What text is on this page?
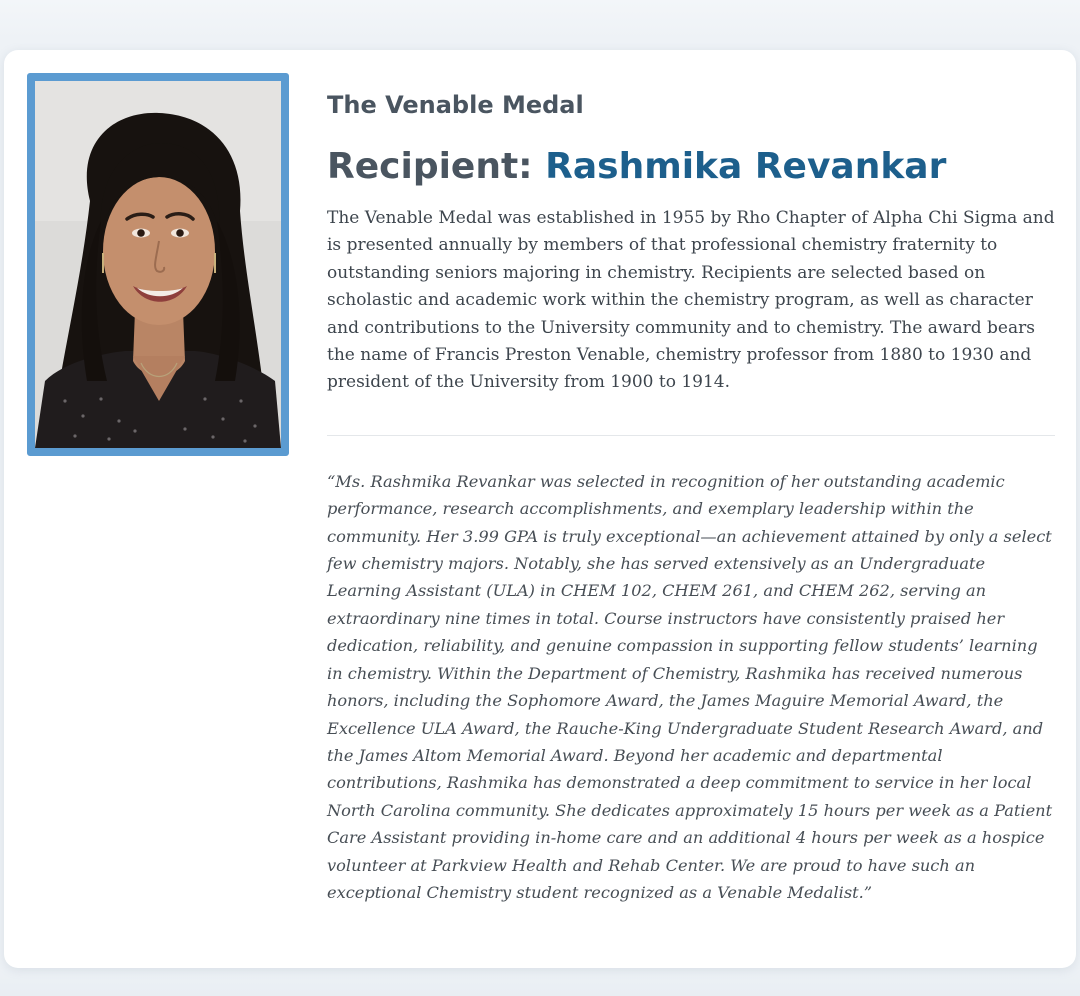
The Venable Medal
Recipient: Rashmika Revankar

The Venable Medal was established in 1955 by Rho Chapter of Alpha Chi Sigma and is presented annually by members of that professional chemistry fraternity to outstanding seniors majoring in chemistry. Recipients are selected based on scholastic and academic work within the chemistry program, as well as character and contributions to the University community and to chemistry. The award bears the name of Francis Preston Venable, chemistry professor from 1880 to 1930 and president of the University from 1900 to 1914.

“Ms. Rashmika Revankar was selected in recognition of her outstanding academic performance, research accomplishments, and exemplary leadership within the community. Her 3.99 GPA is truly exceptional—an achievement attained by only a select few chemistry majors. Notably, she has served extensively as an Undergraduate Learning Assistant (ULA) in CHEM 102, CHEM 261, and CHEM 262, serving an extraordinary nine times in total. Course instructors have consistently praised her dedication, reliability, and genuine compassion in supporting fellow students’ learning in chemistry. Within the Department of Chemistry, Rashmika has received numerous honors, including the Sophomore Award, the James Maguire Memorial Award, the Excellence ULA Award, the Rauche-King Undergraduate Student Research Award, and the James Altom Memorial Award. Beyond her academic and departmental contributions, Rashmika has demonstrated a deep commitment to service in her local North Carolina community. She dedicates approximately 15 hours per week as a Patient Care Assistant providing in-home care and an additional 4 hours per week as a hospice volunteer at Parkview Health and Rehab Center. We are proud to have such an exceptional Chemistry student recognized as a Venable Medalist.”
